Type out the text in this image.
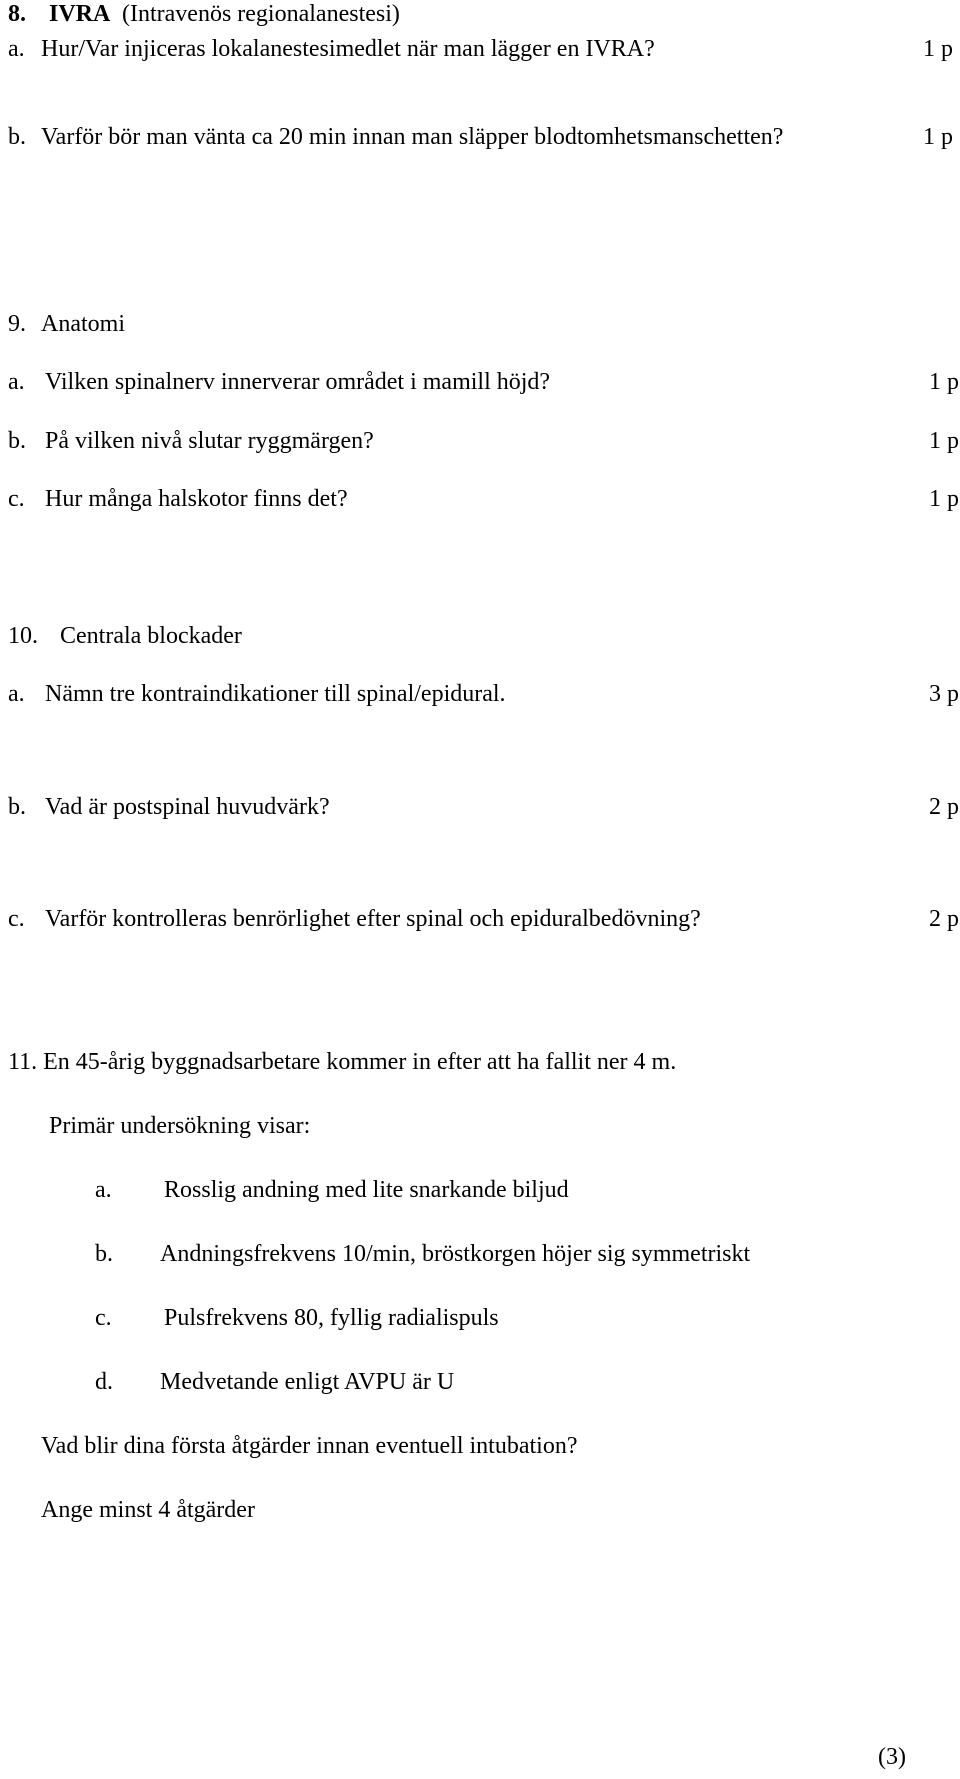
8. IVRA (Intravenös regionalanestesi)
a. Hur/Var injiceras lokalanestesimedlet när man lägger en IVRA?	1 p
b. Varför bör man vänta ca 20 min innan man släpper blodtomhetsmanschetten?	1 p
9. Anatomi
a. Vilken spinalnerv innerverar området i mamill höjd?	1 p
b. På vilken nivå slutar ryggmärgen?	1 p
c. Hur många halskotor finns det?	1 p
10. Centrala blockader
a. Nämn tre kontraindikationer till spinal/epidural.	3 p
b. Vad är postspinal huvudvärk?	2 p
c. Varför kontrolleras benrörlighet efter spinal och epiduralbedövning?	2 p
11. En 45-årig byggnadsarbetare kommer in efter att ha fallit ner 4 m.
Primär undersökning visar:
a. Rosslig andning med lite snarkande biljud
b. Andningsfrekvens 10/min, bröstkorgen höjer sig symmetriskt
c. Pulsfrekvens 80, fyllig radialispuls
d. Medvetande enligt AVPU är U
Vad blir dina första åtgärder innan eventuell intubation?
Ange minst 4 åtgärder
(3)
